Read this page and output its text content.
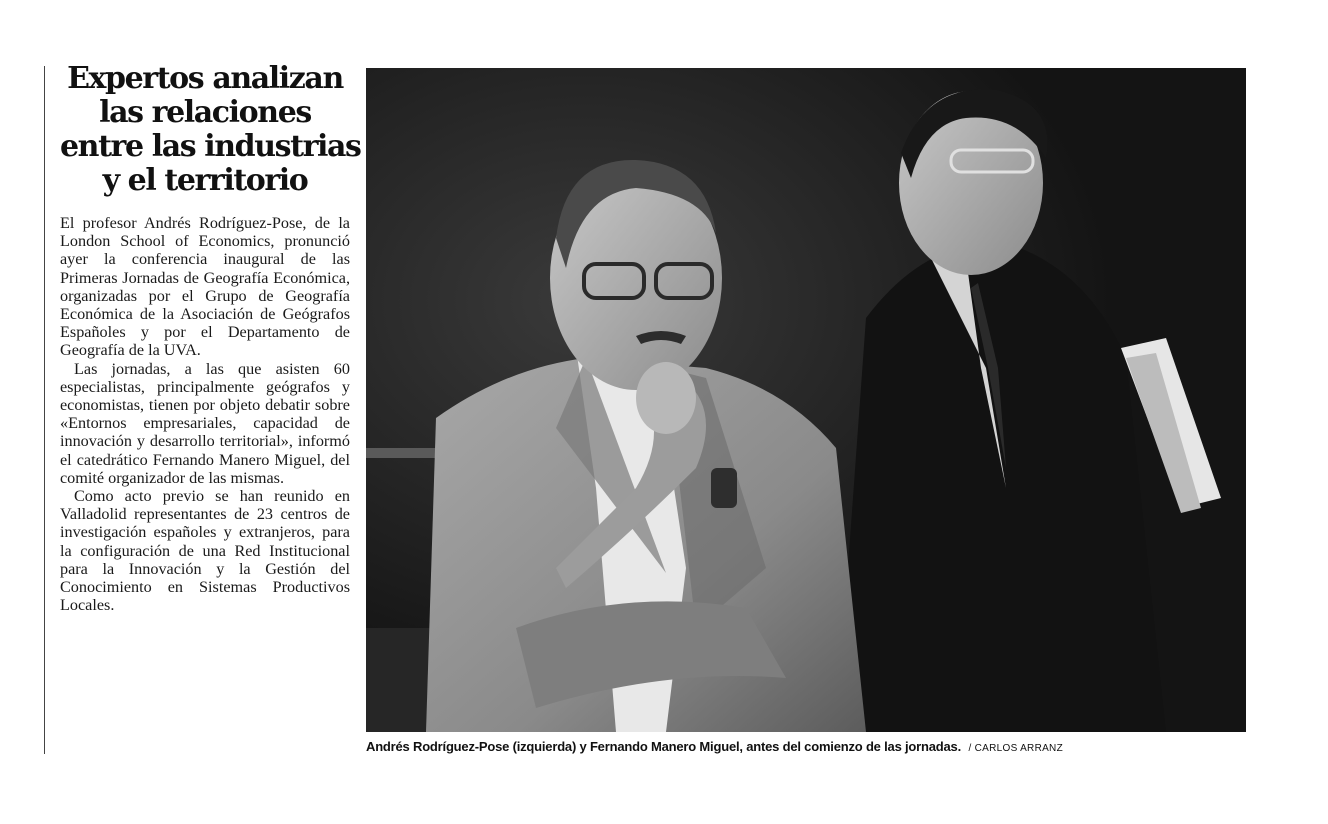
Expertos analizan
las relaciones
entre las industrias
y el territorio

El profesor Andrés Rodríguez-Pose, de la London School of Economics, pronunció ayer la conferencia inaugural de las Primeras Jornadas de Geografía Económica, organizadas por el Grupo de Geografía Económica de la Asociación de Geógrafos Españoles y por el Departamento de Geografía de la UVA.

Las jornadas, a las que asisten 60 especialistas, principalmente geógrafos y economistas, tienen por objeto debatir sobre «Entornos empresariales, capacidad de innovación y desarrollo territorial», informó el catedrático Fernando Manero Miguel, del comité organizador de las mismas.

Como acto previo se han reunido en Valladolid representantes de 23 centros de investigación españoles y extranjeros, para la configuración de una Red Institucional para la Innovación y la Gestión del Conocimiento en Sistemas Productivos Locales.

Andrés Rodríguez-Pose (izquierda) y Fernando Manero Miguel, antes del comienzo de las jornadas. / CARLOS ARRANZ
